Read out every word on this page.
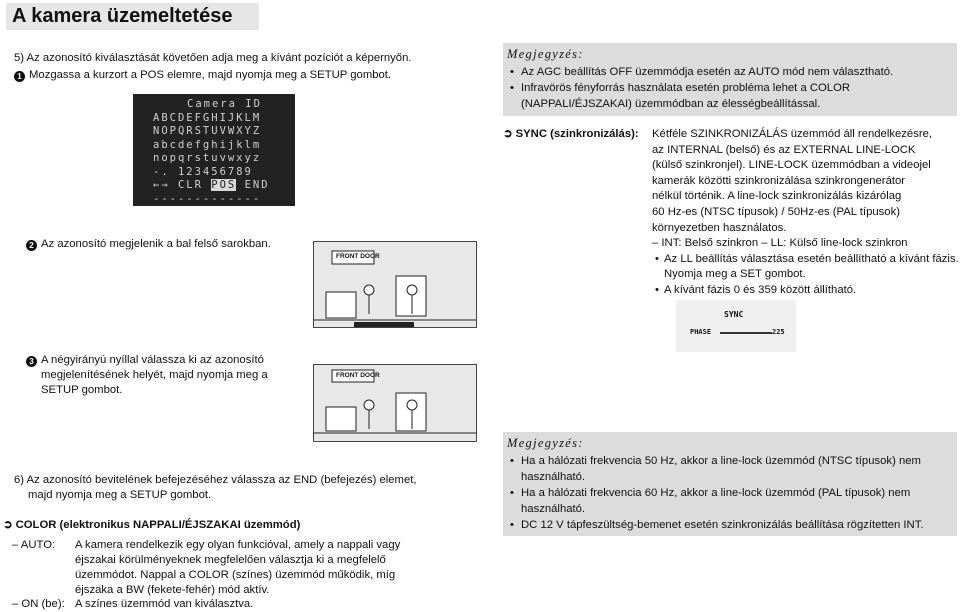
A kamera üzemeltetése
5) Az azonosító kiválasztását követően adja meg a kívánt pozíciót a képernyőn.
1 Mozgassa a kurzort a POS elemre, majd nyomja meg a SETUP gombot.
Camera ID
ABCDEFGHIJKLM
NOPQRSTUVWXYZ
abcdefghijklm
nopqrstuvwxyz
-. 123456789
←→ CLR POS END
-------------
2 Az azonosító megjelenik a bal felső sarokban.
FRONT DOOR
3 A négyirányú nyíllal válassza ki az azonosító
megjelenítésének helyét, majd nyomja meg a
SETUP gombot.
FRONT DOOR
6) Az azonosító bevitelének befejezéséhez válassza az END (befejezés) elemet,
majd nyomja meg a SETUP gombot.
➲ COLOR (elektronikus NAPPALI/ÉJSZAKAI üzemmód)
– AUTO: A kamera rendelkezik egy olyan funkcióval, amely a nappali vagy
éjszakai körülményeknek megfelelően választja ki a megfelelő
üzemmódot. Nappal a COLOR (színes) üzemmód működik, míg
éjszaka a BW (fekete-fehér) mód aktív.
– ON (be): A színes üzemmód van kiválasztva.
Megjegyzés:
• Az AGC beállítás OFF üzemmódja esetén az AUTO mód nem választható.
• Infravörös fényforrás használata esetén probléma lehet a COLOR
(NAPPALI/ÉJSZAKAI) üzemmódban az élességbeállítással.
➲ SYNC (szinkronizálás): Kétféle SZINKRONIZÁLÁS üzemmód áll rendelkezésre,
az INTERNAL (belső) és az EXTERNAL LINE-LOCK
(külső szinkronjel). LINE-LOCK üzemmódban a videojel
kamerák közötti szinkronizálása szinkrongenerátor
nélkül történik. A line-lock szinkronizálás kizárólag
60 Hz-es (NTSC típusok) / 50Hz-es (PAL típusok)
környezetben használatos.
– INT: Belső szinkron – LL: Külső line-lock szinkron
• Az LL beállítás választása esetén beállítható a kívánt fázis.
Nyomja meg a SET gombot.
• A kívánt fázis 0 és 359 között állítható.
SYNC
PHASE	225
Megjegyzés:
• Ha a hálózati frekvencia 50 Hz, akkor a line-lock üzemmód (NTSC típusok) nem
használható.
• Ha a hálózati frekvencia 60 Hz, akkor a line-lock üzemmód (PAL típusok) nem
használható.
• DC 12 V tápfeszültség-bemenet esetén szinkronizálás beállítása rögzítetten INT.
